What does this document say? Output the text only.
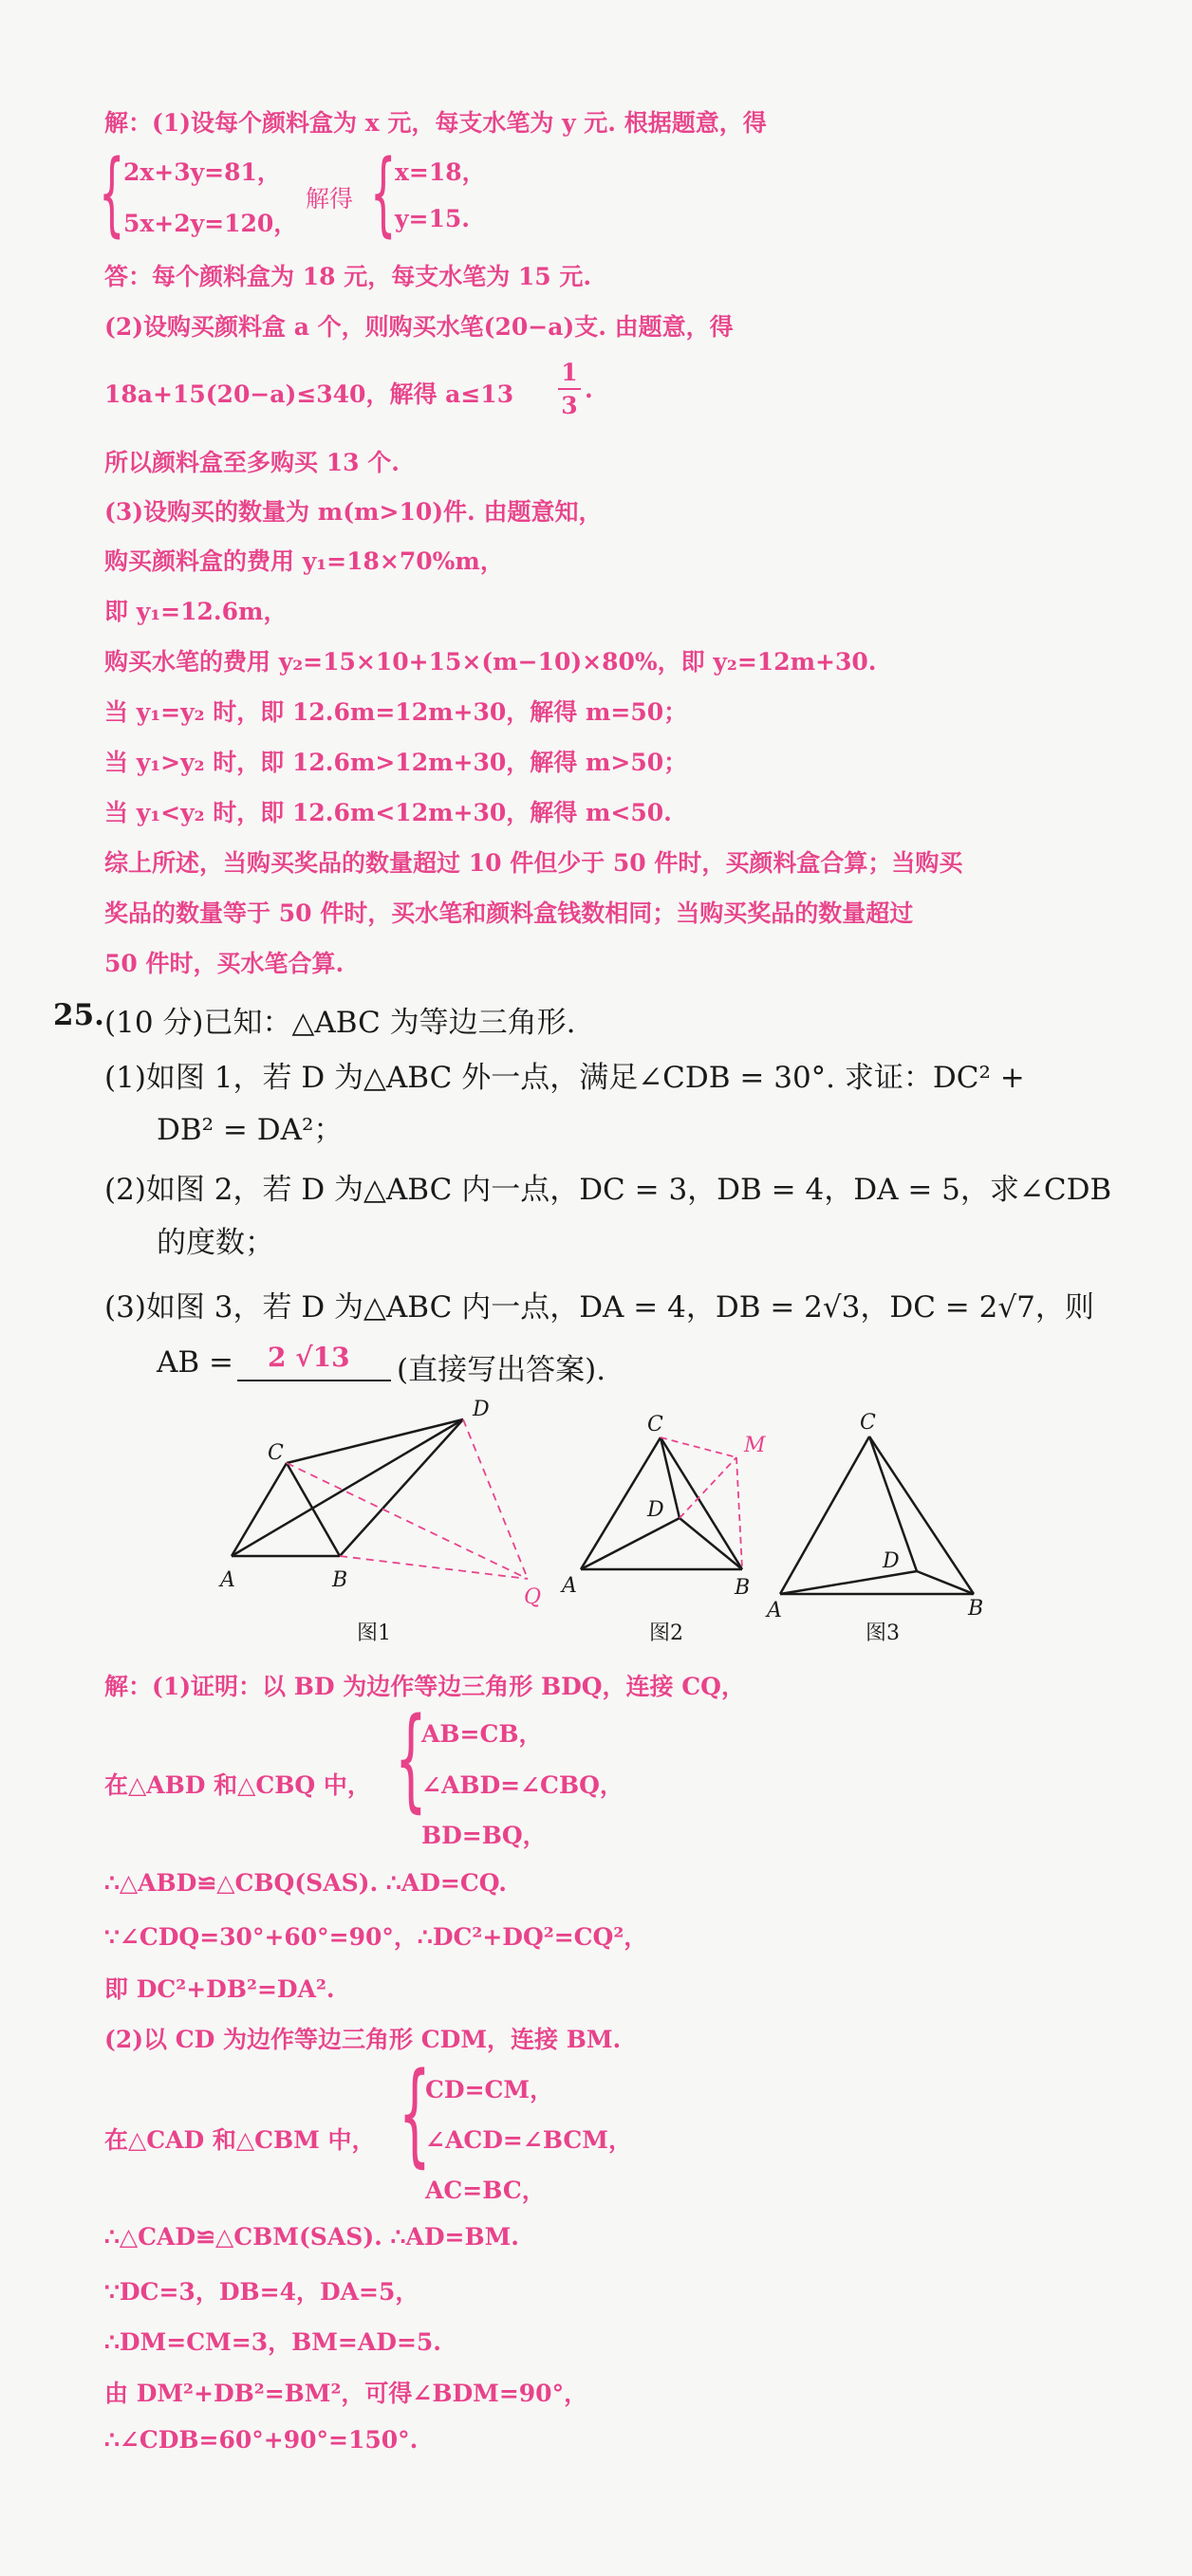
解：(1)设每个颜料盒为 x 元，每支水笔为 y 元. 根据题意，得
{
2x+3y=81，
5x+2y=120，
解得 {
x=18，
y=15.
答：每个颜料盒为 18 元，每支水笔为 15 元.
(2)设购买颜料盒 a 个，则购买水笔(20−a)支. 由题意，得
18a+15(20−a)≤340，解得 a≤13
1
3
.
所以颜料盒至多购买 13 个.
(3)设购买的数量为 m(m>10)件. 由题意知，
购买颜料盒的费用 y₁=18×70%m，
即 y₁=12.6m，
购买水笔的费用 y₂=15×10+15×(m−10)×80%，即 y₂=12m+30.
当 y₁=y₂ 时，即 12.6m=12m+30，解得 m=50；
当 y₁>y₂ 时，即 12.6m>12m+30，解得 m>50；
当 y₁<y₂ 时，即 12.6m<12m+30，解得 m<50.
综上所述，当购买奖品的数量超过 10 件但少于 50 件时，买颜料盒合算；当购买
奖品的数量等于 50 件时，买水笔和颜料盒钱数相同；当购买奖品的数量超过
50 件时，买水笔合算.
25. (10 分)已知：△ABC 为等边三角形.
(1)如图 1，若 D 为△ABC 外一点，满足∠CDB = 30°. 求证：DC² +
DB² = DA²；
(2)如图 2，若 D 为△ABC 内一点，DC = 3，DB = 4，DA = 5，求∠CDB
的度数；
(3)如图 3，若 D 为△ABC 内一点，DA = 4，DB = 2√3，DC = 2√7，则
AB = 2 √13 (直接写出答案).
A	B
C
D
Q
图1
A	B
C
D
M
图2
A	B
C
D
图3
解：(1)证明：以 BD 为边作等边三角形 BDQ，连接 CQ，
在△ABD 和△CBQ 中， {
AB=CB，
∠ABD=∠CBQ，
BD=BQ，
∴△ABD≌△CBQ(SAS). ∴AD=CQ.
∵∠CDQ=30°+60°=90°，∴DC²+DQ²=CQ²，
即 DC²+DB²=DA².
(2)以 CD 为边作等边三角形 CDM，连接 BM.
在△CAD 和△CBM 中， {
CD=CM，
∠ACD=∠BCM，
AC=BC，
∴△CAD≌△CBM(SAS). ∴AD=BM.
∵DC=3，DB=4，DA=5，
∴DM=CM=3，BM=AD=5.
由 DM²+DB²=BM²，可得∠BDM=90°，
∴∠CDB=60°+90°=150°.
